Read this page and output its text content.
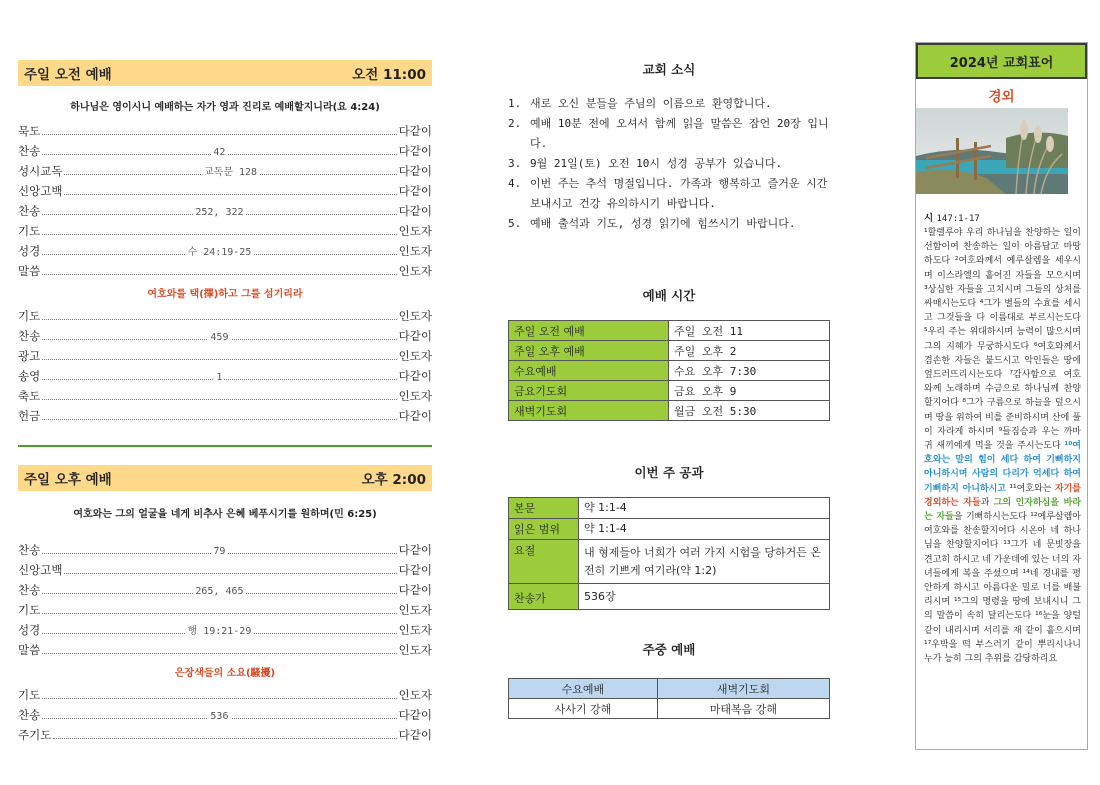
주일 오전 예배	오전 11:00
하나님은 영이시니 예배하는 자가 영과 진리로 예배할지니라(요 4:24)
묵도	다같이
찬송	42	다같이
성시교독	교독문 128	다같이
신앙고백	다같이
찬송	252, 322	다같이
기도	인도자
성경	수 24:19-25	인도자
말씀	인도자
여호와를 택(擇)하고 그를 섬기리라
기도	인도자
찬송	459	다같이
광고	인도자
송영	1	다같이
축도	인도자
헌금	다같이
주일 오후 예배	오후 2:00
여호와는 그의 얼굴을 네게 비추사 은혜 베푸시기를 원하며(민 6:25)
찬송	79	다같이
신앙고백	다같이
찬송	265, 465	다같이
기도	인도자
성경	행 19:21-29	인도자
말씀	인도자
은장색들의 소요(騷擾)
기도	인도자
찬송	536	다같이
주기도	다같이
교회 소식
1. 새로 오신 분들을 주님의 이름으로 환영합니다.
2. 예배 10분 전에 오셔서 함께 읽을 말씀은 잠언 20장 입니다.
3. 9월 21일(토) 오전 10시 성경 공부가 있습니다.
4. 이번 주는 추석 명절입니다. 가족과 행복하고 즐거운 시간 보내시고 건강 유의하시기 바랍니다.
5. 예배 출석과 기도, 성경 읽기에 힘쓰시기 바랍니다.
예배 시간
주일 오전 예배	주일 오전 11
주일 오후 예배	주일 오후 2
수요예배	수요 오후 7:30
금요기도회	금요 오후 9
새벽기도회	월금 오전 5:30
이번 주 공과
본문	약 1:1-4
읽은 범위	약 1:1-4
요절	내 형제들아 너희가 여러 가지 시험을 당하거든 온전히 기쁘게 여기라(약 1:2)
찬송가	536장
주중 예배
수요예배	새벽기도회
사사기 강해	마태복음 강해
2024년 교회표어
경외
시 147:1-17
¹할렐루야 우리 하나님을 찬양하는 일이 선함이여 찬송하는 일이 아름답고 마땅하도다 ²여호와께서 예루살렘을 세우시며 이스라엘의 흩어진 자들을 모으시며 ³상심한 자들을 고치시며 그들의 상처를 싸매시는도다 ⁴그가 별들의 수효를 세시고 그것들을 다 이름대로 부르시는도다 ⁵우리 주는 위대하시며 능력이 많으시며 그의 지혜가 무궁하시도다 ⁶여호와께서 겸손한 자들은 붙드시고 악인들은 땅에 엎드러뜨리시는도다 ⁷감사함으로 여호와께 노래하며 수금으로 하나님께 찬양할지어다 ⁸그가 구름으로 하늘을 덮으시며 땅을 위하여 비를 준비하시며 산에 풀이 자라게 하시며 ⁹들짐승과 우는 까마귀 새끼에게 먹을 것을 주시는도다 ¹⁰여호와는 말의 힘이 세다 하여 기뻐하지 아니하시며 사람의 다리가 억세다 하여 기뻐하지 아니하시고 ¹¹여호와는 자기를 경외하는 자들과 그의 인자하심을 바라는 자들을 기뻐하시는도다 ¹²예루살렘아 여호와를 찬송할지어다 시온아 네 하나님을 찬양할지어다 ¹³그가 네 문빗장을 견고히 하시고 네 가운데에 있는 너의 자녀들에게 복을 주셨으며 ¹⁴네 경내를 평안하게 하시고 아름다운 밀로 너를 배불리시며 ¹⁵그의 명령을 땅에 보내시니 그의 말씀이 속히 달리는도다 ¹⁶눈을 양털 같이 내리시며 서리를 재 같이 흩으시며 ¹⁷우박을 떡 부스러기 같이 뿌리시나니 누가 능히 그의 추위를 감당하리요
